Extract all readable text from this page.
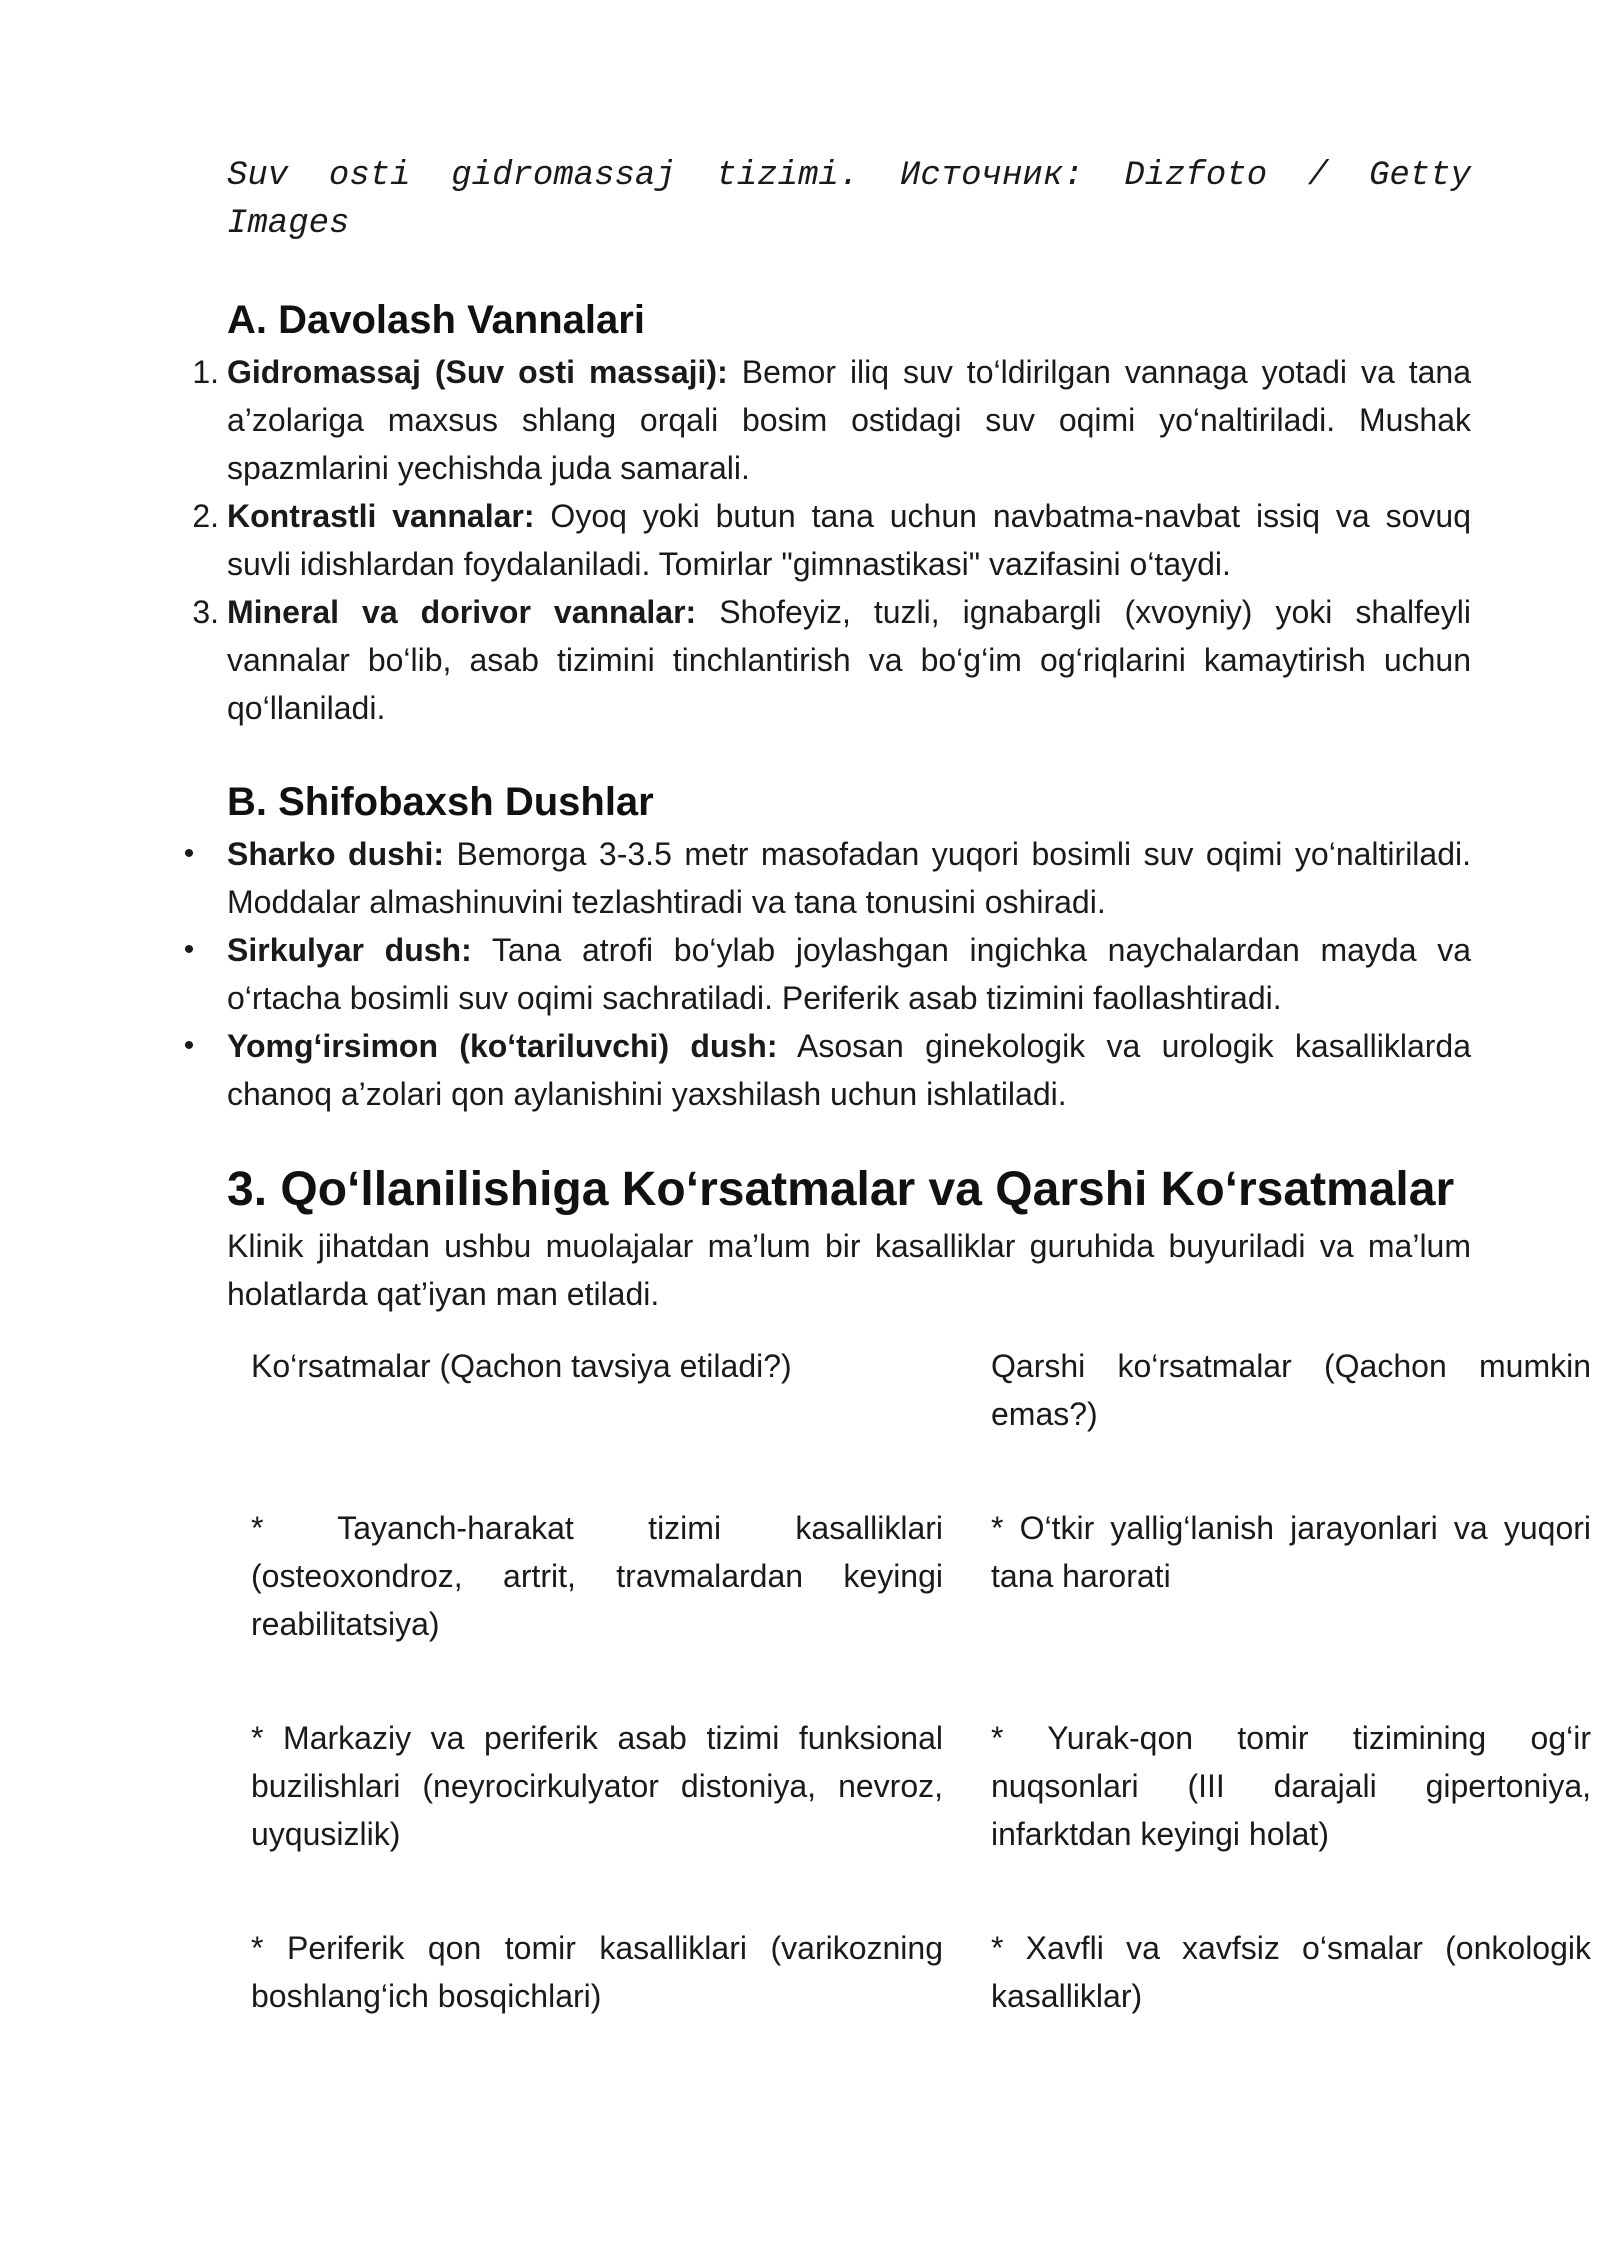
Suv osti gidromassaj tizimi. Источник: Dizfoto / Getty Images
A. Davolash Vannalari
1. Gidromassaj (Suv osti massaji): Bemor iliq suv to‘ldirilgan vannaga yotadi va tana a’zolariga maxsus shlang orqali bosim ostidagi suv oqimi yo‘naltiriladi. Mushak spazmlarini yechishda juda samarali.
2. Kontrastli vannalar: Oyoq yoki butun tana uchun navbatma-navbat issiq va sovuq suvli idishlardan foydalaniladi. Tomirlar "gimnastikasi" vazifasini o‘taydi.
3. Mineral va dorivor vannalar: Shofeyiz, tuzli, ignabargli (xvoyniy) yoki shalfeyli vannalar bo‘lib, asab tizimini tinchlantirish va bo‘g‘im og‘riqlarini kamaytirish uchun qo‘llaniladi.
B. Shifobaxsh Dushlar
• Sharko dushi: Bemorga 3-3.5 metr masofadan yuqori bosimli suv oqimi yo‘naltiriladi. Moddalar almashinuvini tezlashtiradi va tana tonusini oshiradi.
• Sirkulyar dush: Tana atrofi bo‘ylab joylashgan ingichka naychalardan mayda va o‘rtacha bosimli suv oqimi sachratiladi. Periferik asab tizimini faollashtiradi.
• Yomg‘irsimon (ko‘tariluvchi) dush: Asosan ginekologik va urologik kasalliklarda chanoq a’zolari qon aylanishini yaxshilash uchun ishlatiladi.
3. Qo‘llanilishiga Ko‘rsatmalar va Qarshi Ko‘rsatmalar

Klinik jihatdan ushbu muolajalar ma’lum bir kasalliklar guruhida buyuriladi va ma’lum holatlarda qat’iyan man etiladi.

Ko‘rsatmalar (Qachon tavsiya etiladi?)	Qarshi ko‘rsatmalar (Qachon mumkin emas?)
* Tayanch-harakat tizimi kasalliklari (osteoxondroz, artrit, travmalardan keyingi reabilitatsiya)
* O‘tkir yallig‘lanish jarayonlari va yuqori tana harorati
* Markaziy va periferik asab tizimi funksional buzilishlari (neyrocirkulyator distoniya, nevroz, uyqusizlik)
* Yurak-qon tomir tizimining og‘ir nuqsonlari (III darajali gipertoniya, infarktdan keyingi holat)
* Periferik qon tomir kasalliklari (varikozning boshlang‘ich bosqichlari)
* Xavfli va xavfsiz o‘smalar (onkologik kasalliklar)
